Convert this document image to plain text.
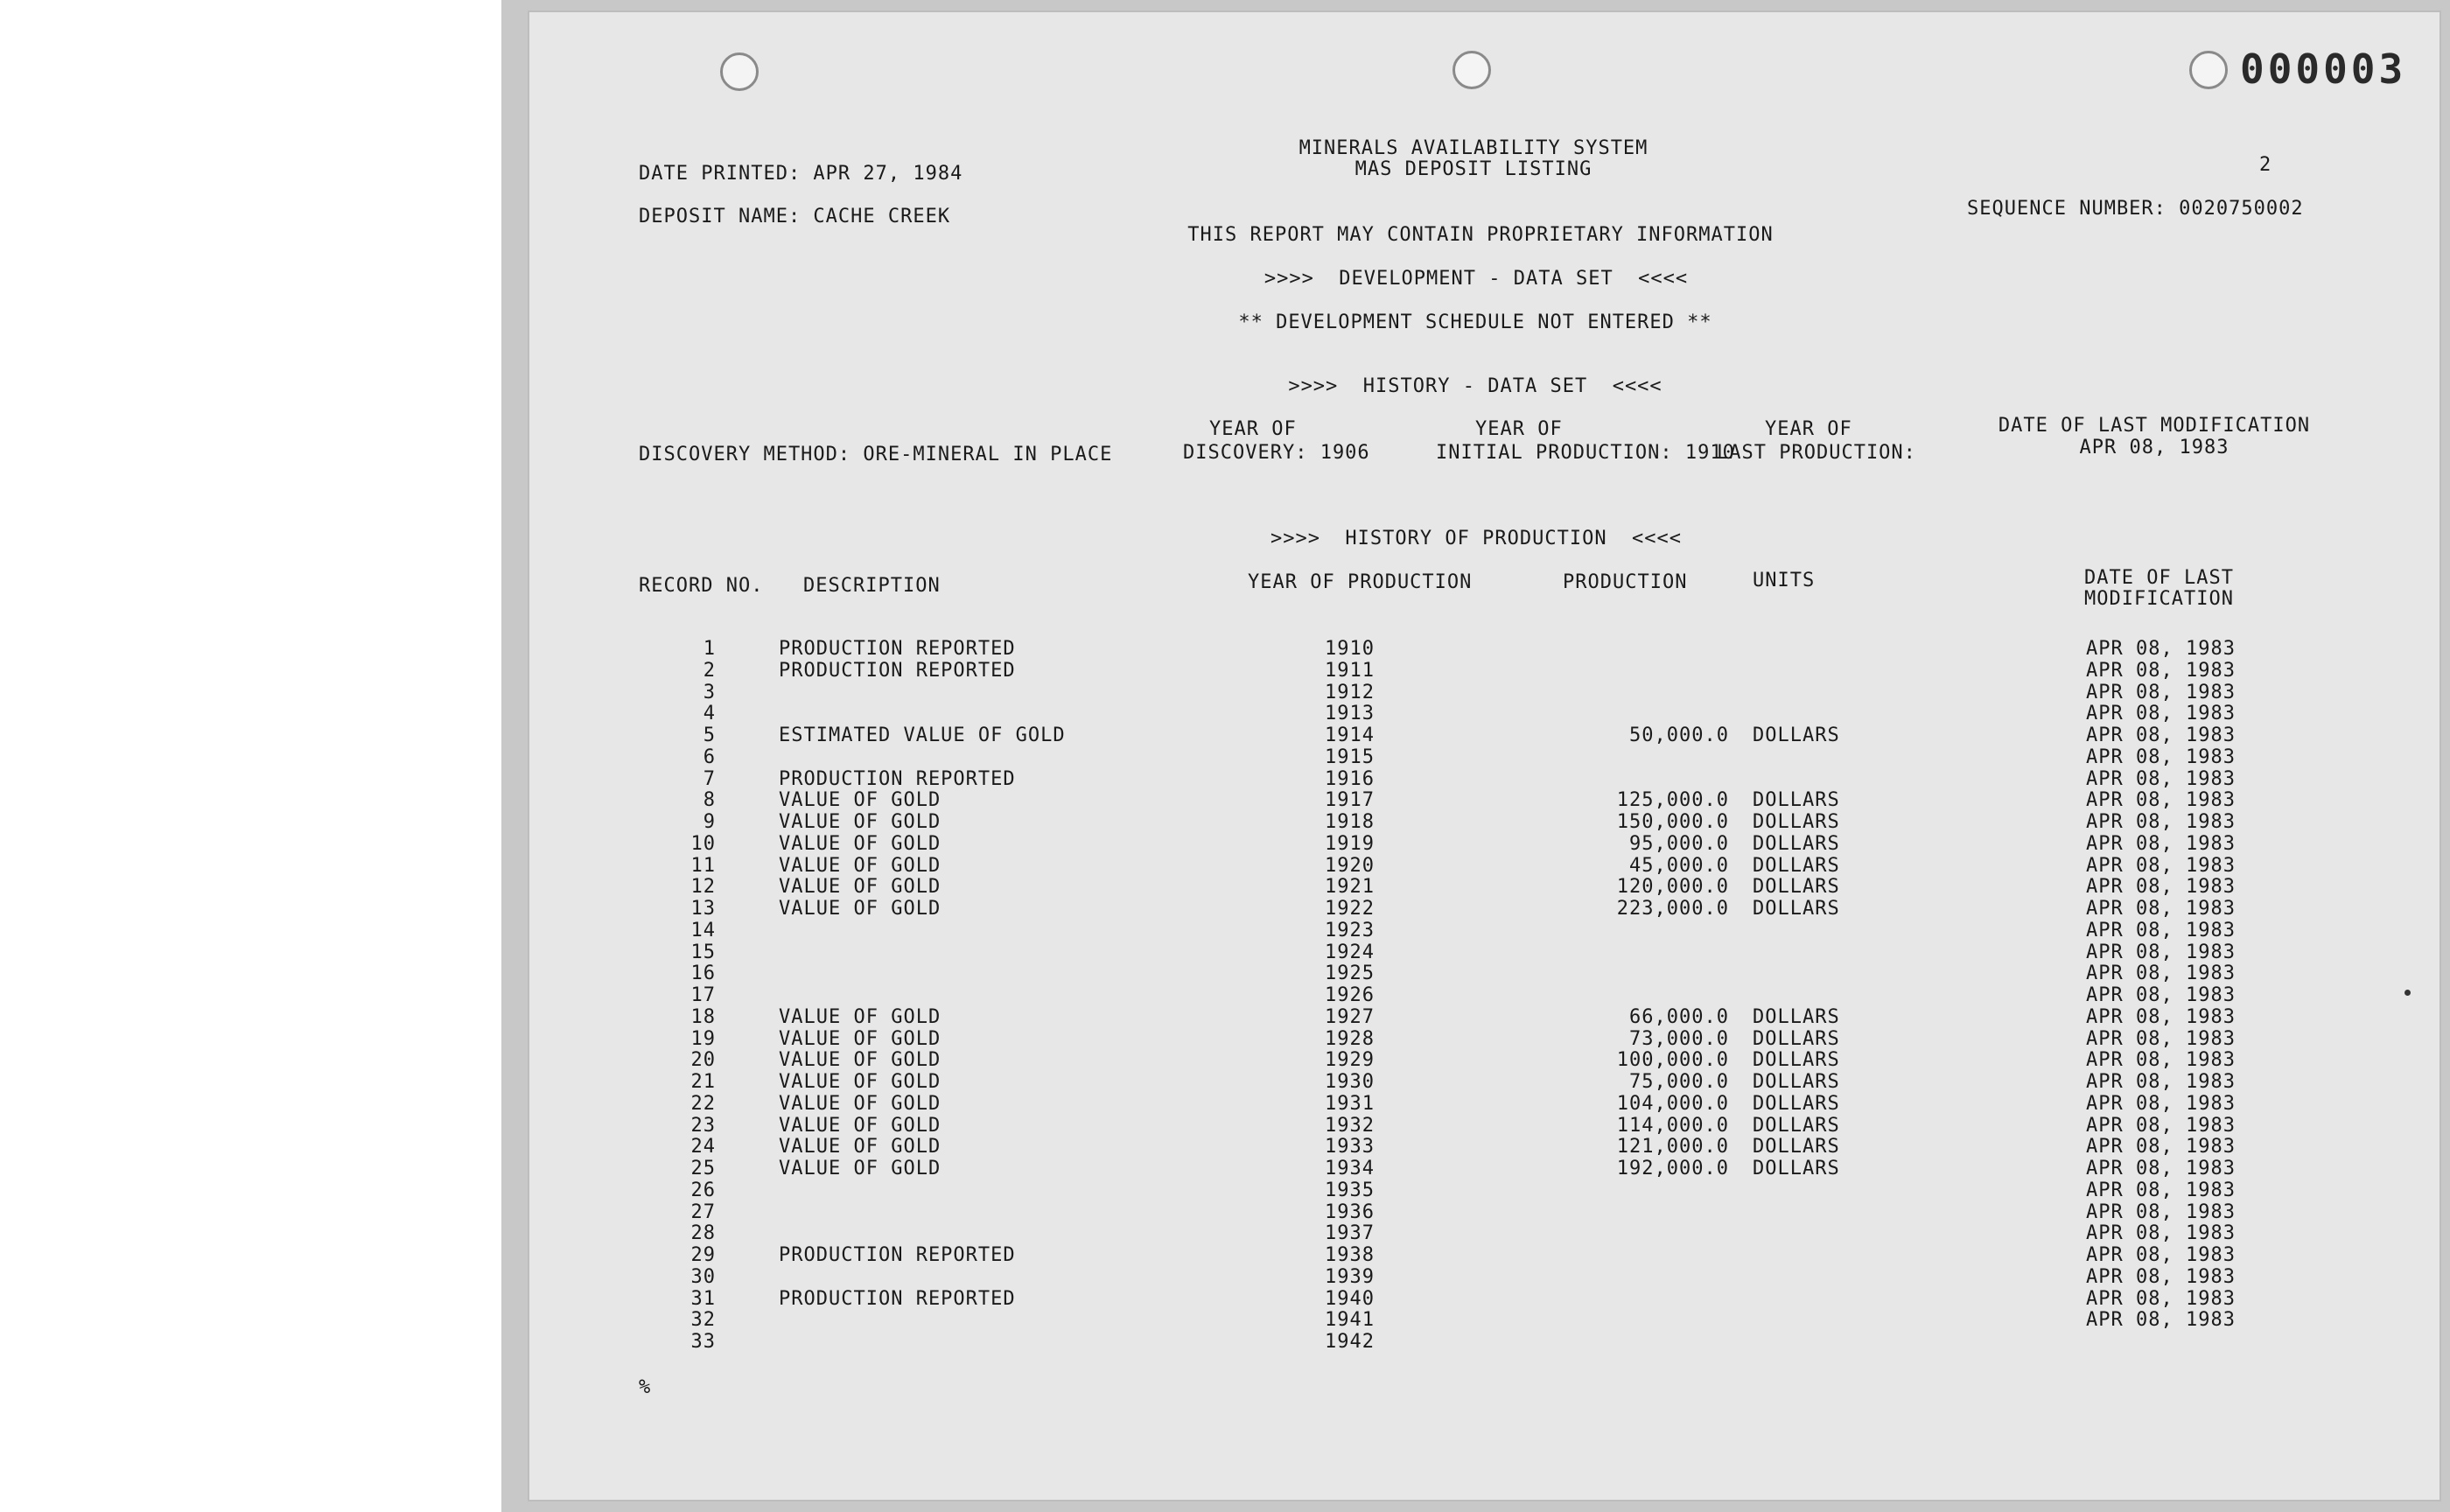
000003
MINERALS AVAILABILITY SYSTEM
MAS DEPOSIT LISTING	2
DATE PRINTED: APR 27, 1984
DEPOSIT NAME: CACHE CREEK	SEQUENCE NUMBER: 0020750002
THIS REPORT MAY CONTAIN PROPRIETARY INFORMATION
>>>>  DEVELOPMENT - DATA SET  <<<<
** DEVELOPMENT SCHEDULE NOT ENTERED **
>>>>  HISTORY - DATA SET  <<<<
DISCOVERY METHOD: ORE-MINERAL IN PLACE
YEAR OF
DISCOVERY: 1906
YEAR OF
INITIAL PRODUCTION: 1910
YEAR OF
LAST PRODUCTION:
DATE OF LAST MODIFICATION
APR 08, 1983
>>>>  HISTORY OF PRODUCTION  <<<<
RECORD NO. DESCRIPTION	YEAR OF PRODUCTION	PRODUCTION	UNITS	DATE OF LAST
MODIFICATION
1	PRODUCTION REPORTED	1910	APR 08, 1983
2	PRODUCTION REPORTED	1911	APR 08, 1983
3	1912	APR 08, 1983
4	1913	APR 08, 1983
5	ESTIMATED VALUE OF GOLD	1914	50,000.0 DOLLARS	APR 08, 1983
6	1915	APR 08, 1983
7	PRODUCTION REPORTED	1916	APR 08, 1983
8	VALUE OF GOLD	1917	125,000.0 DOLLARS	APR 08, 1983
9	VALUE OF GOLD	1918	150,000.0 DOLLARS	APR 08, 1983
10	VALUE OF GOLD	1919	95,000.0 DOLLARS	APR 08, 1983
11	VALUE OF GOLD	1920	45,000.0 DOLLARS	APR 08, 1983
12	VALUE OF GOLD	1921	120,000.0 DOLLARS	APR 08, 1983
13	VALUE OF GOLD	1922	223,000.0 DOLLARS	APR 08, 1983
14	1923	APR 08, 1983
15	1924	APR 08, 1983
16	1925	APR 08, 1983
17	1926	APR 08, 1983
18	VALUE OF GOLD	1927	66,000.0 DOLLARS	APR 08, 1983
19	VALUE OF GOLD	1928	73,000.0 DOLLARS	APR 08, 1983
20	VALUE OF GOLD	1929	100,000.0 DOLLARS	APR 08, 1983
21	VALUE OF GOLD	1930	75,000.0 DOLLARS	APR 08, 1983
22	VALUE OF GOLD	1931	104,000.0 DOLLARS	APR 08, 1983
23	VALUE OF GOLD	1932	114,000.0 DOLLARS	APR 08, 1983
24	VALUE OF GOLD	1933	121,000.0 DOLLARS	APR 08, 1983
25	VALUE OF GOLD	1934	192,000.0 DOLLARS	APR 08, 1983
26	1935	APR 08, 1983
27	1936	APR 08, 1983
28	1937	APR 08, 1983
29	PRODUCTION REPORTED	1938	APR 08, 1983
30	1939	APR 08, 1983
31	PRODUCTION REPORTED	1940	APR 08, 1983
32	1941	APR 08, 1983
33	1942
%
